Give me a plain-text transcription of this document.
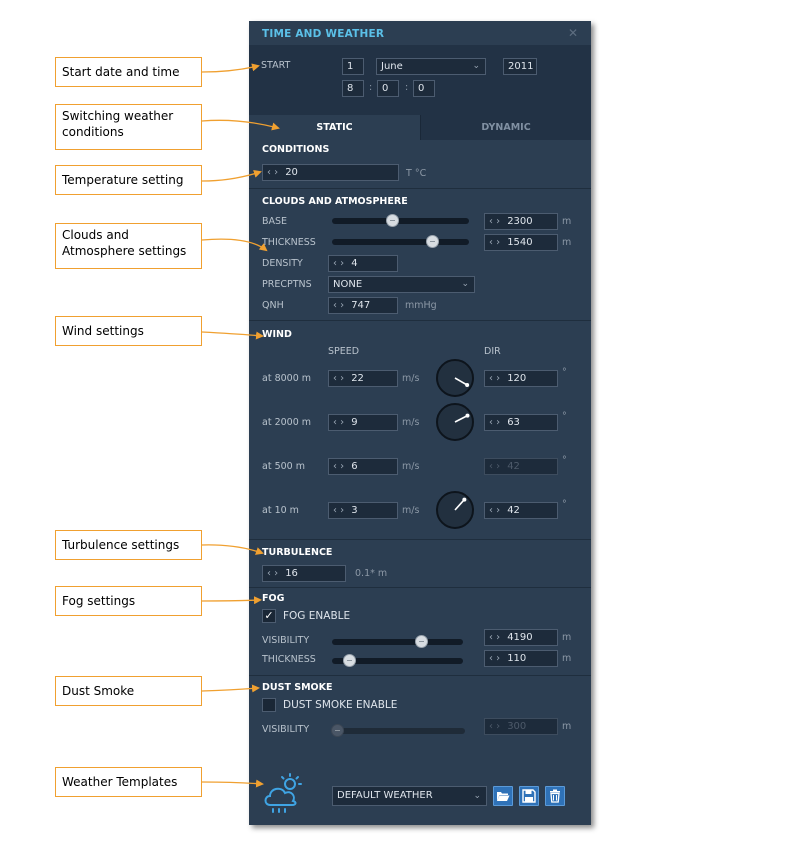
Start date and time
Switching weather conditions
Temperature setting
Clouds and Atmosphere settings
Wind settings
Turbulence settings
Fog settings
Dust Smoke
Weather Templates
TIME AND WEATHER	✕
START	1	June	⌄	2011
8	: 0	: 0
STATIC	DYNAMIC
CONDITIONS
‹ › 20	T °C
CLOUDS AND ATMOSPHERE
BASE	‹ › 2300	m
THICKNESS	‹ › 1540	m
DENSITY	‹ › 4
PRECPTNS	NONE	⌄
QNH	‹ › 747	mmHg
WIND
SPEED	DIR
at 8000 m	‹ › 22	m/s	‹ › 120
°
at 2000 m	‹ › 9	m/s	‹ › 63
°
at 500 m	‹ › 6	m/s	‹ › 42
°
at 10 m	‹ › 3	m/s	‹ › 42
°
TURBULENCE
‹ › 16	0.1* m
FOG
✓ FOG ENABLE
VISIBILITY	‹ › 4190	m
THICKNESS	‹ › 110	m
DUST SMOKE
DUST SMOKE ENABLE
VISIBILITY	‹ › 300	m
DEFAULT WEATHER	⌄
